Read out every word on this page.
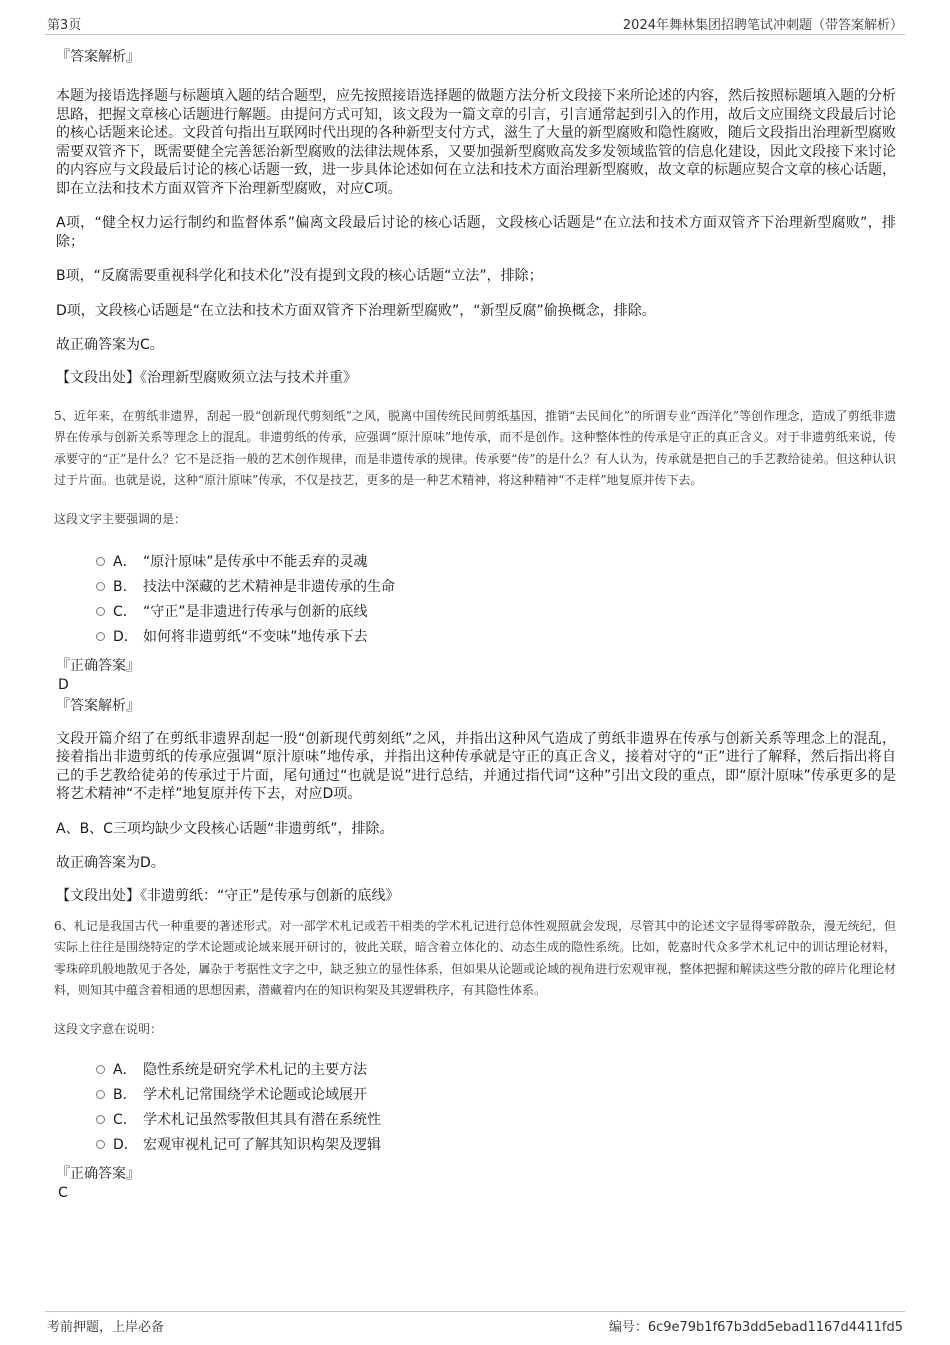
第3页	2024年舞林集团招聘笔试冲刺题（带答案解析）
『答案解析』

本题为接语选择题与标题填入题的结合题型，应先按照接语选择题的做题方法分析文段接下来所论述的内容，然后按照标题填入题的分析思路，把握文章核心话题进行解题。由提问方式可知，该文段为一篇文章的引言，引言通常起到引入的作用，故后文应围绕文段最后讨论的核心话题来论述。文段首句指出互联网时代出现的各种新型支付方式，滋生了大量的新型腐败和隐性腐败，随后文段指出治理新型腐败需要双管齐下，既需要健全完善惩治新型腐败的法律法规体系，又要加强新型腐败高发多发领域监管的信息化建设，因此文段接下来讨论的内容应与文段最后讨论的核心话题一致，进一步具体论述如何在立法和技术方面治理新型腐败，故文章的标题应契合文章的核心话题，即在立法和技术方面双管齐下治理新型腐败，对应C项。

A项，“健全权力运行制约和监督体系”偏离文段最后讨论的核心话题，文段核心话题是“在立法和技术方面双管齐下治理新型腐败”，排除；

B项，“反腐需要重视科学化和技术化”没有提到文段的核心话题“立法”，排除；

D项，文段核心话题是“在立法和技术方面双管齐下治理新型腐败”，“新型反腐”偷换概念，排除。

故正确答案为C。

【文段出处】《治理新型腐败须立法与技术并重》

5、近年来，在剪纸非遗界，刮起一股“创新现代剪刻纸”之风，脱离中国传统民间剪纸基因，推销“去民间化”的所谓专业“西洋化”等创作理念，造成了剪纸非遗界在传承与创新关系等理念上的混乱。非遗剪纸的传承，应强调“原汁原味”地传承，而不是创作。这种整体性的传承是守正的真正含义。对于非遗剪纸来说，传承要守的“正”是什么？它不是泛指一般的艺术创作规律，而是非遗传承的规律。传承要“传”的是什么？有人认为，传承就是把自己的手艺教给徒弟。但这种认识过于片面。也就是说，这种“原汁原味”传承，不仅是技艺，更多的是一种艺术精神，将这种精神“不走样”地复原并传下去。

这段文字主要强调的是：
A． “原汁原味”是传承中不能丢弃的灵魂
B． 技法中深藏的艺术精神是非遗传承的生命
C． “守正”是非遗进行传承与创新的底线
D． 如何将非遗剪纸“不变味”地传承下去
『正确答案』
D
『答案解析』

文段开篇介绍了在剪纸非遗界刮起一股“创新现代剪刻纸”之风，并指出这种风气造成了剪纸非遗界在传承与创新关系等理念上的混乱，接着指出非遗剪纸的传承应强调“原汁原味”地传承，并指出这种传承就是守正的真正含义，接着对守的“正”进行了解释，然后指出将自己的手艺教给徒弟的传承过于片面，尾句通过“也就是说”进行总结，并通过指代词“这种”引出文段的重点，即“原汁原味”传承更多的是将艺术精神“不走样”地复原并传下去，对应D项。

A、B、C三项均缺少文段核心话题“非遗剪纸”，排除。

故正确答案为D。

【文段出处】《非遗剪纸：“守正”是传承与创新的底线》

6、札记是我国古代一种重要的著述形式。对一部学术札记或若干相类的学术札记进行总体性观照就会发现，尽管其中的论述文字显得零碎散杂，漫无统纪，但实际上往往是围绕特定的学术论题或论域来展开研讨的，彼此关联，暗含着立体化的、动态生成的隐性系统。比如，乾嘉时代众多学术札记中的训诂理论材料，零珠碎玑般地散见于各处，羼杂于考据性文字之中，缺乏独立的显性体系，但如果从论题或论域的视角进行宏观审视，整体把握和解读这些分散的碎片化理论材料，则知其中蕴含着相通的思想因素，潜藏着内在的知识构架及其逻辑秩序，有其隐性体系。

这段文字意在说明：
A． 隐性系统是研究学术札记的主要方法
B． 学术札记常围绕学术论题或论域展开
C． 学术札记虽然零散但其具有潜在系统性
D． 宏观审视札记可了解其知识构架及逻辑
『正确答案』
C
考前押题，上岸必备	编号：6c9e79b1f67b3dd5ebad1167d4411fd5
